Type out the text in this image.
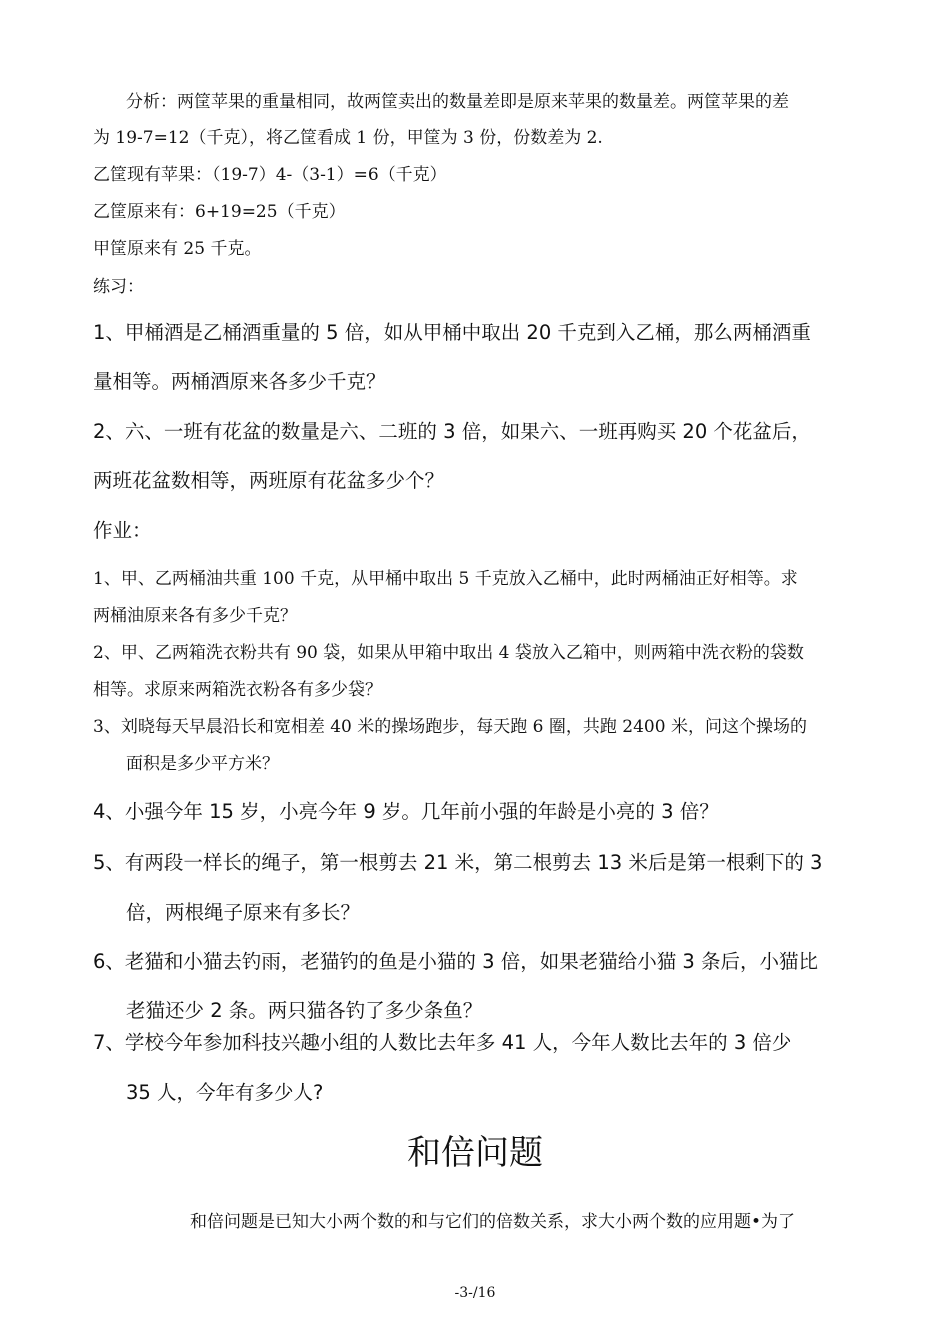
分析：两筐苹果的重量相同，故两筐卖出的数量差即是原来苹果的数量差。两筐苹果的差
为 19-7=12（千克），将乙筐看成 1 份，甲筐为 3 份，份数差为 2.
乙筐现有苹果：（19-7）4-（3-1）=6（千克）
乙筐原来有：6+19=25（千克）
甲筐原来有 25 千克。
练习：
1、甲桶酒是乙桶酒重量的 5 倍，如从甲桶中取出 20 千克到入乙桶，那么两桶酒重
量相等。两桶酒原来各多少千克？
2、六、一班有花盆的数量是六、二班的 3 倍，如果六、一班再购买 20 个花盆后，
两班花盆数相等，两班原有花盆多少个？
作业：
1、甲、乙两桶油共重 100 千克，从甲桶中取出 5 千克放入乙桶中，此时两桶油正好相等。求
两桶油原来各有多少千克？
2、甲、乙两箱洗衣粉共有 90 袋，如果从甲箱中取出 4 袋放入乙箱中，则两箱中洗衣粉的袋数
相等。求原来两箱洗衣粉各有多少袋？
3、刘晓每天早晨沿长和宽相差 40 米的操场跑步，每天跑 6 圈，共跑 2400 米，问这个操场的
面积是多少平方米？
4、小强今年 15 岁，小亮今年 9 岁。几年前小强的年龄是小亮的 3 倍？
5、有两段一样长的绳子，第一根剪去 21 米，第二根剪去 13 米后是第一根剩下的 3
倍，两根绳子原来有多长？
6、老猫和小猫去钓雨，老猫钓的鱼是小猫的 3 倍，如果老猫给小猫 3 条后，小猫比
老猫还少 2 条。两只猫各钓了多少条鱼？
7、学校今年参加科技兴趣小组的人数比去年多 41 人，今年人数比去年的 3 倍少
35 人，今年有多少人?
和倍问题
和倍问题是已知大小两个数的和与它们的倍数关系，求大小两个数的应用题•为了
-3-/16
